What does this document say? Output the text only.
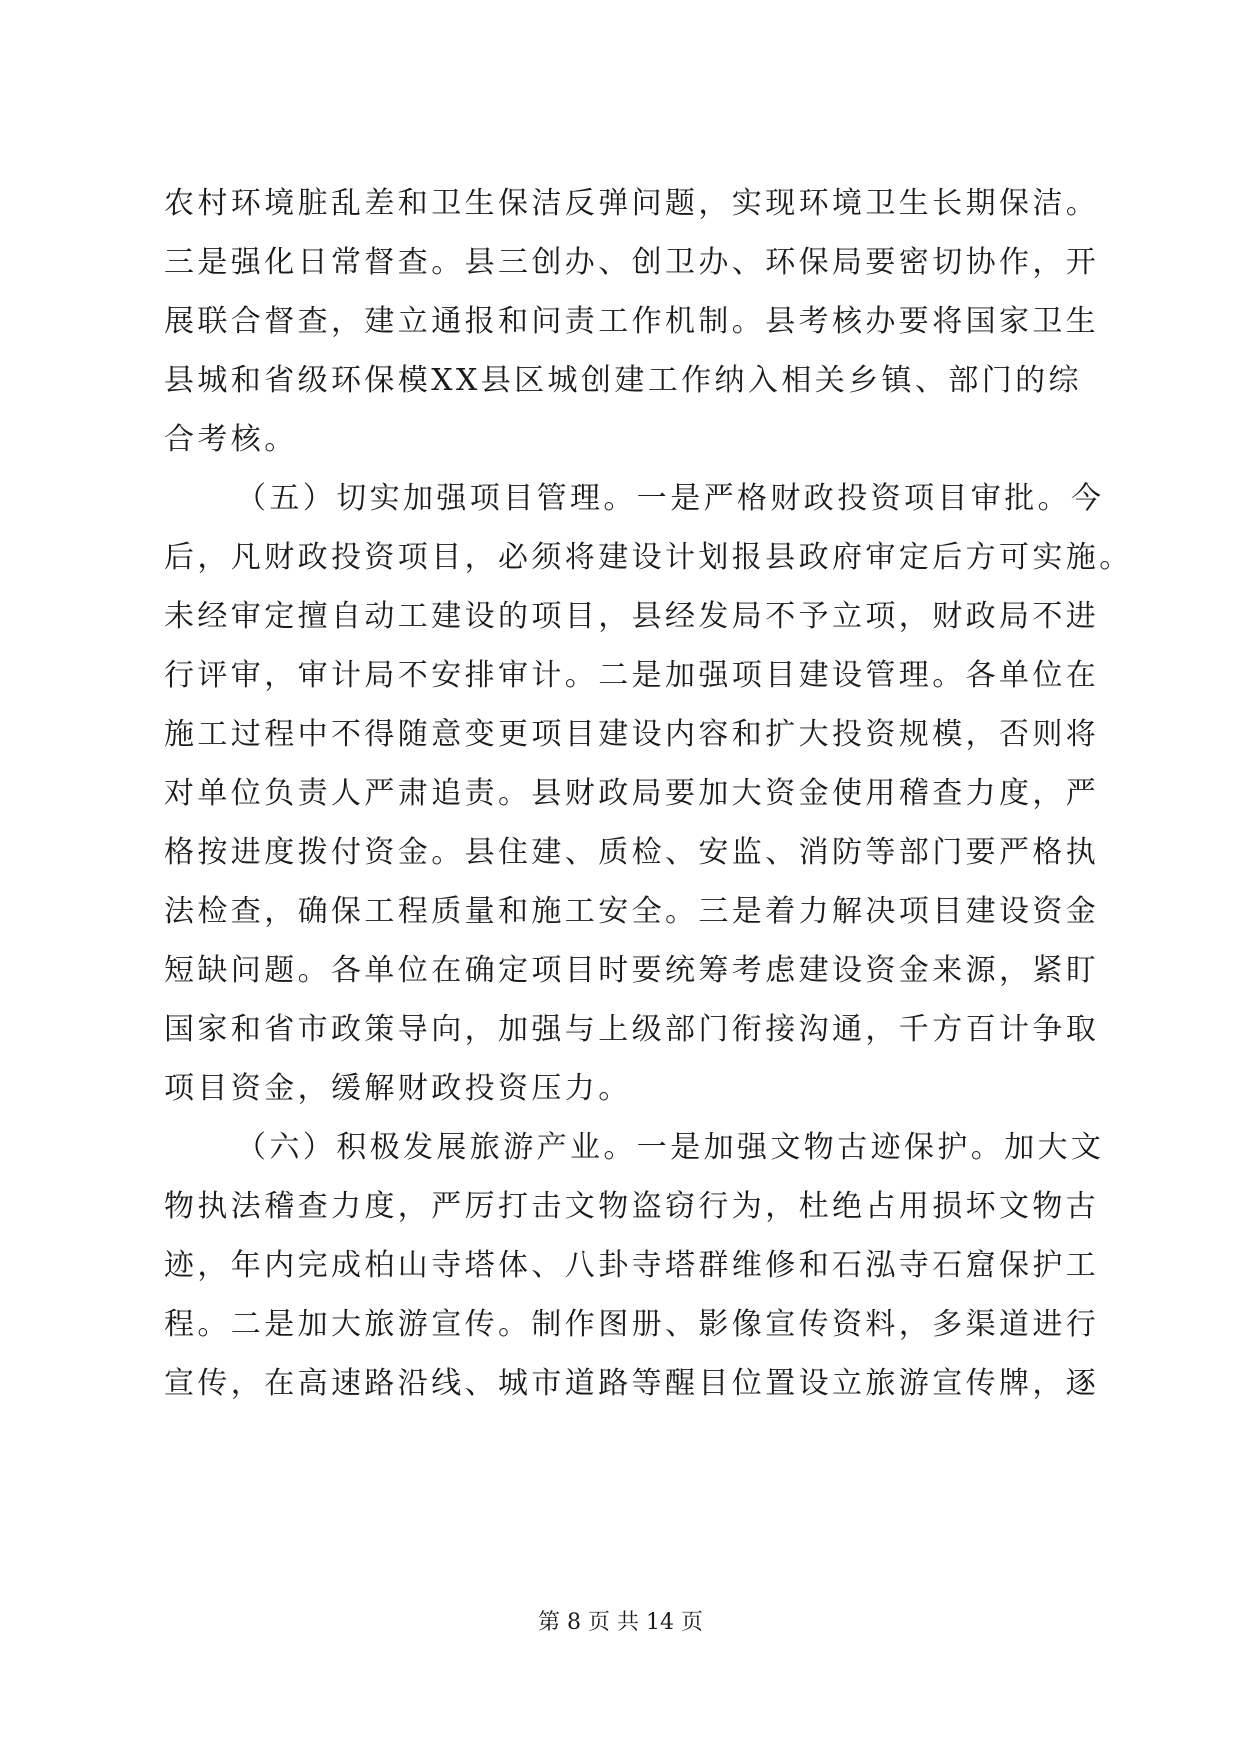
农村环境脏乱差和卫生保洁反弹问题，实现环境卫生长期保洁。
三是强化日常督查。县三创办、创卫办、环保局要密切协作，开
展联合督查，建立通报和问责工作机制。县考核办要将国家卫生
县城和省级环保模XX县区城创建工作纳入相关乡镇、部门的综
合考核。
（五）切实加强项目管理。一是严格财政投资项目审批。今
后，凡财政投资项目，必须将建设计划报县政府审定后方可实施。
未经审定擅自动工建设的项目，县经发局不予立项，财政局不进
行评审，审计局不安排审计。二是加强项目建设管理。各单位在
施工过程中不得随意变更项目建设内容和扩大投资规模，否则将
对单位负责人严肃追责。县财政局要加大资金使用稽查力度，严
格按进度拨付资金。县住建、质检、安监、消防等部门要严格执
法检查，确保工程质量和施工安全。三是着力解决项目建设资金
短缺问题。各单位在确定项目时要统筹考虑建设资金来源，紧盯
国家和省市政策导向，加强与上级部门衔接沟通，千方百计争取
项目资金，缓解财政投资压力。
（六）积极发展旅游产业。一是加强文物古迹保护。加大文
物执法稽查力度，严厉打击文物盗窃行为，杜绝占用损坏文物古
迹，年内完成柏山寺塔体、八卦寺塔群维修和石泓寺石窟保护工
程。二是加大旅游宣传。制作图册、影像宣传资料，多渠道进行
宣传，在高速路沿线、城市道路等醒目位置设立旅游宣传牌，逐
第 8 页 共 14 页
